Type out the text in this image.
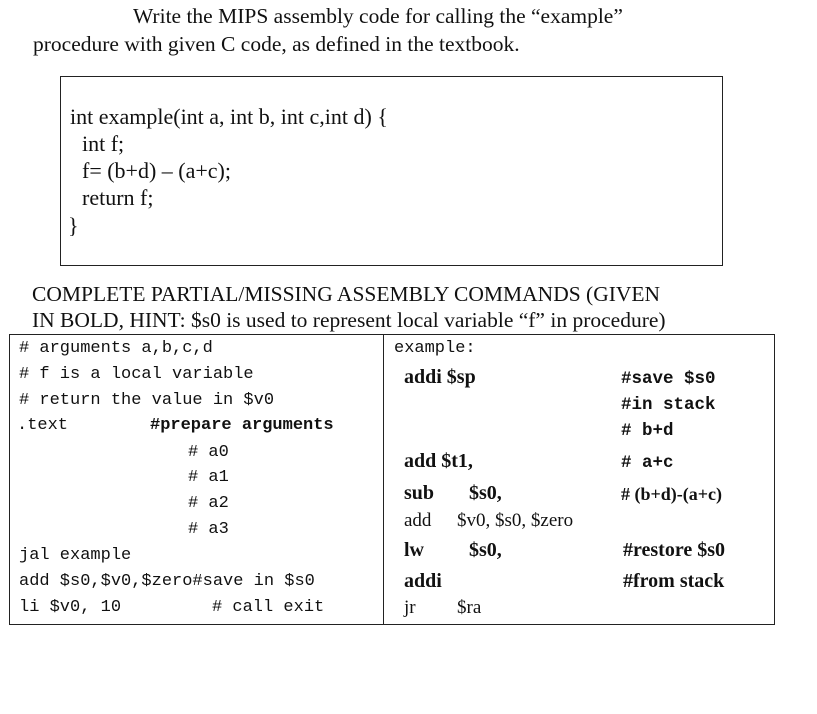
Write the MIPS assembly code for calling the “example”
procedure with given C code, as defined in the textbook.
int example(int a, int b, int c,int d) {
int f;
f= (b+d) – (a+c);
return f;
}
COMPLETE PARTIAL/MISSING ASSEMBLY COMMANDS (GIVEN
IN BOLD, HINT: $s0 is used to represent local variable “f” in procedure)
# arguments a,b,c,d
# f is a local variable
# return the value in $v0
.text	#prepare arguments
# a0
# a1
# a2
# a3
jal example
add $s0,$v0,$zero#save in $s0
li $v0, 10	# call exit
example:
addi $sp
add $t1,
sub $s0,
add $v0, $s0, $zero
lw $s0,
addi
jr $ra
#save $s0
#in stack
# b+d
# a+c
# (b+d)-(a+c)
#restore $s0
#from stack
